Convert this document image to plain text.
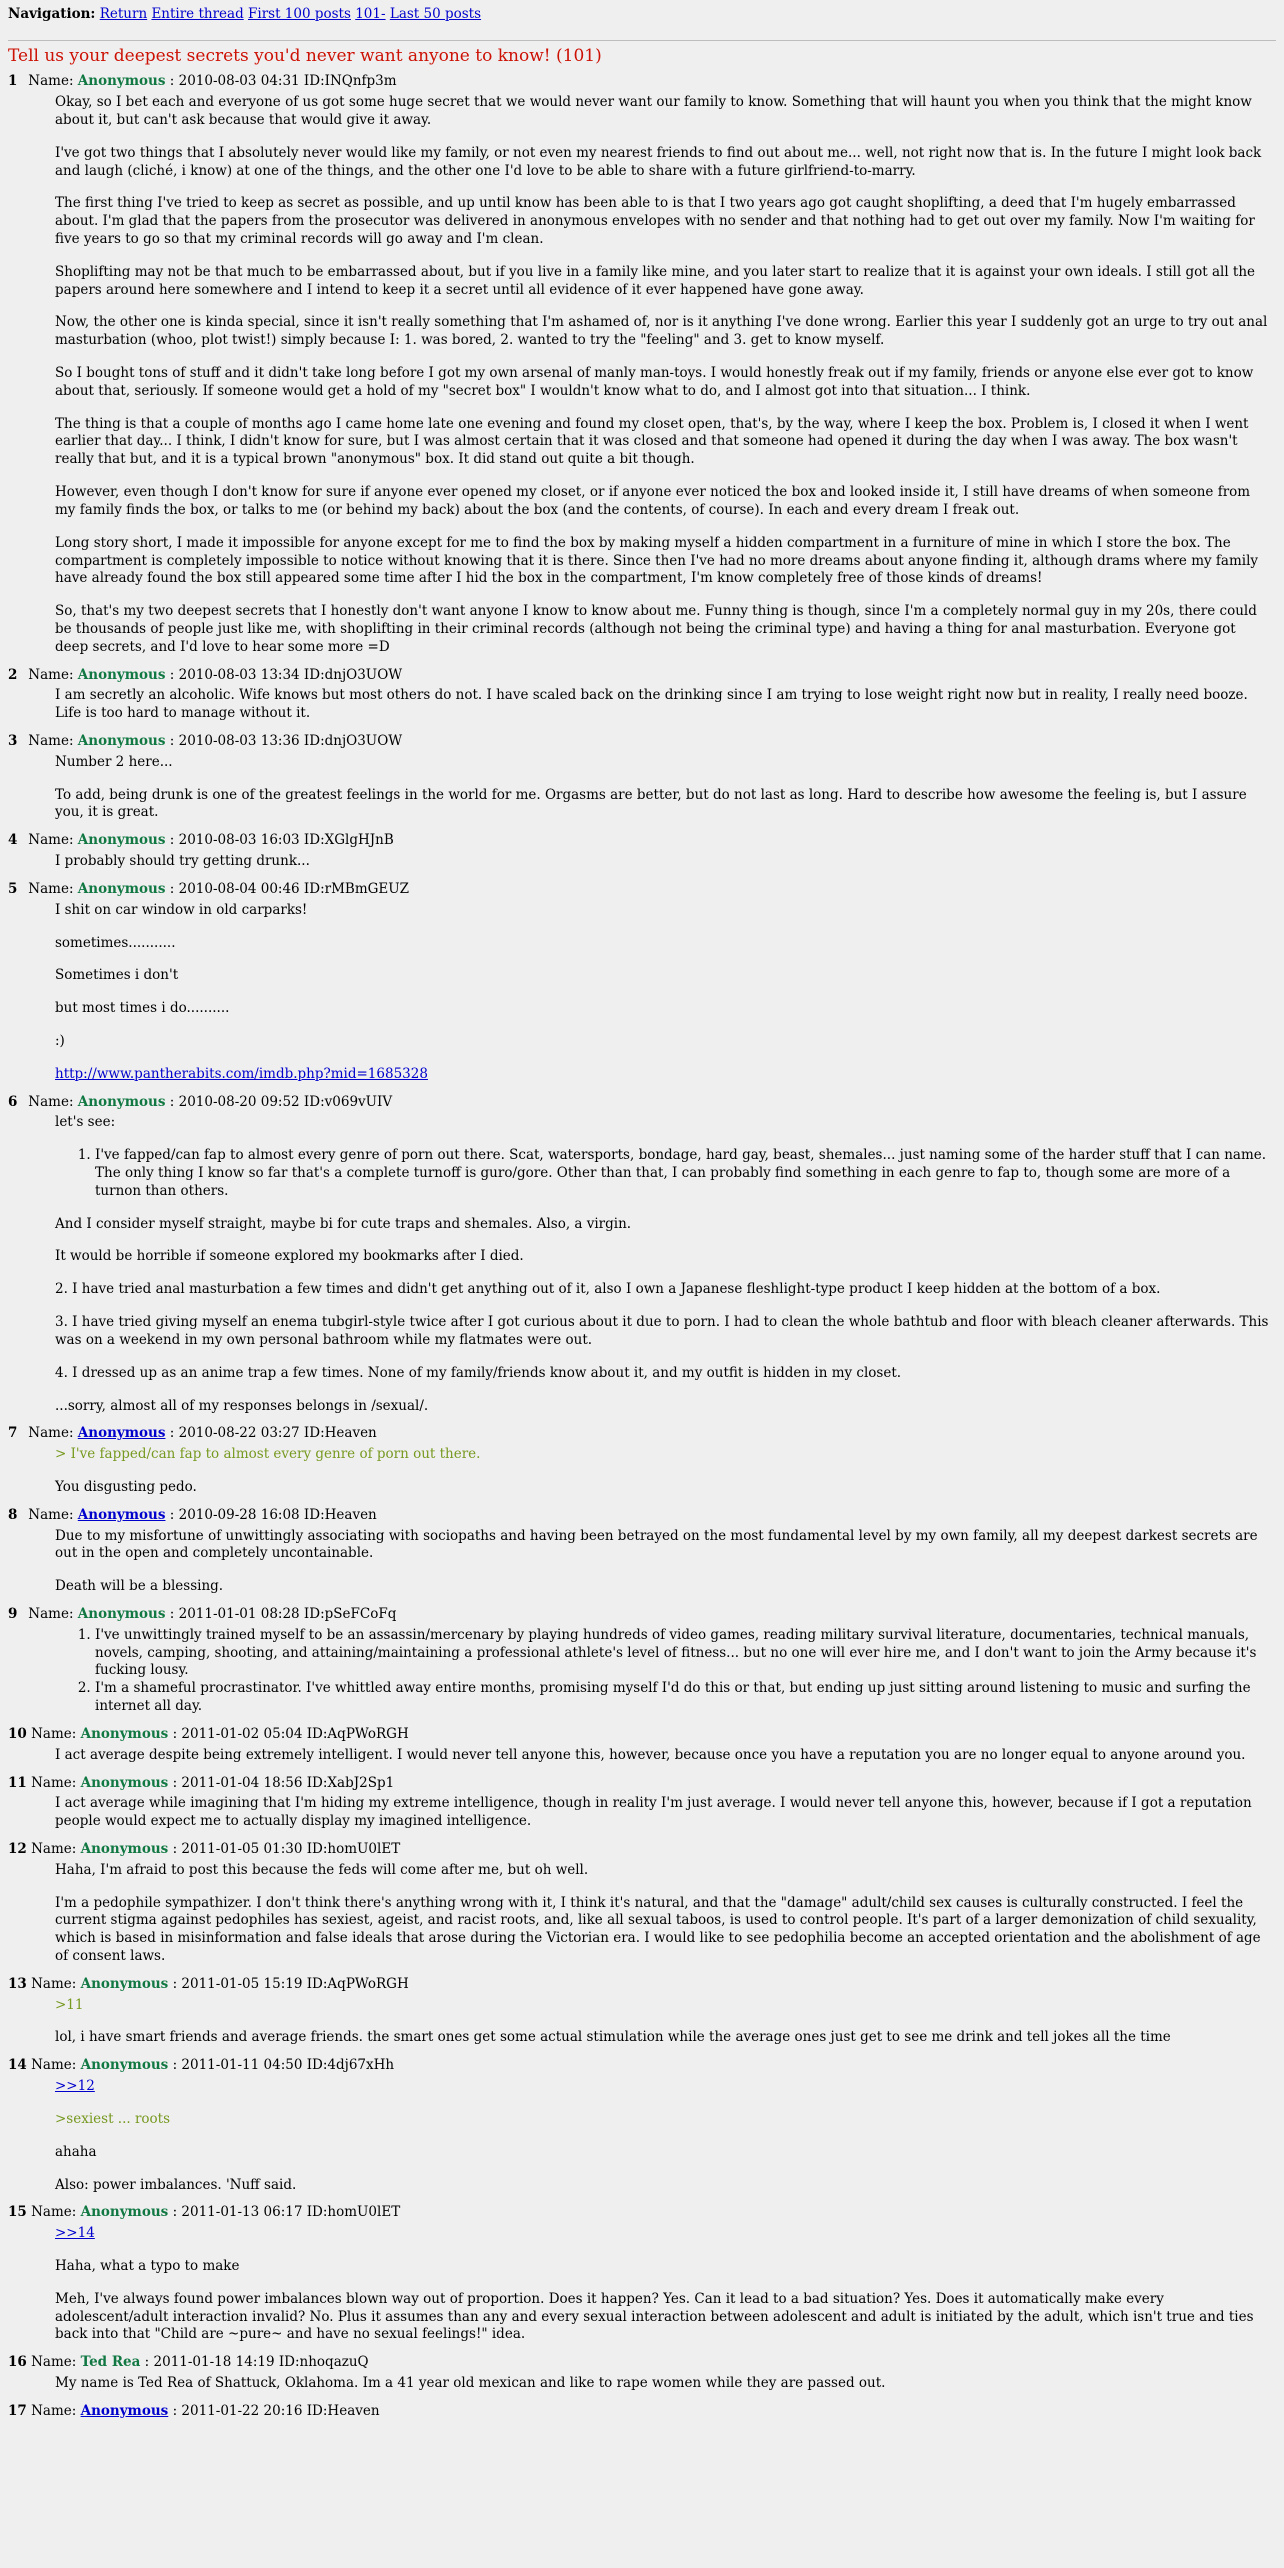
Navigation: Return Entire thread First 100 posts 101- Last 50 posts
Tell us your deepest secrets you'd never want anyone to know! (101)
1 Name: Anonymous : 2010-08-03 04:31 ID:INQnfp3m

Okay, so I bet each and everyone of us got some huge secret that we would never want our family to know. Something that will haunt you when you think that the might know about it, but can't ask because that would give it away.

I've got two things that I absolutely never would like my family, or not even my nearest friends to find out about me... well, not right now that is. In the future I might look back and laugh (cliché, i know) at one of the things, and the other one I'd love to be able to share with a future girlfriend-to-marry.

The first thing I've tried to keep as secret as possible, and up until know has been able to is that I two years ago got caught shoplifting, a deed that I'm hugely embarrassed about. I'm glad that the papers from the prosecutor was delivered in anonymous envelopes with no sender and that nothing had to get out over my family. Now I'm waiting for five years to go so that my criminal records will go away and I'm clean.

Shoplifting may not be that much to be embarrassed about, but if you live in a family like mine, and you later start to realize that it is against your own ideals. I still got all the papers around here somewhere and I intend to keep it a secret until all evidence of it ever happened have gone away.

Now, the other one is kinda special, since it isn't really something that I'm ashamed of, nor is it anything I've done wrong. Earlier this year I suddenly got an urge to try out anal masturbation (whoo, plot twist!) simply because I: 1. was bored, 2. wanted to try the "feeling" and 3. get to know myself.

So I bought tons of stuff and it didn't take long before I got my own arsenal of manly man-toys. I would honestly freak out if my family, friends or anyone else ever got to know about that, seriously. If someone would get a hold of my "secret box" I wouldn't know what to do, and I almost got into that situation... I think.

The thing is that a couple of months ago I came home late one evening and found my closet open, that's, by the way, where I keep the box. Problem is, I closed it when I went earlier that day... I think, I didn't know for sure, but I was almost certain that it was closed and that someone had opened it during the day when I was away. The box wasn't really that but, and it is a typical brown "anonymous" box. It did stand out quite a bit though.

However, even though I don't know for sure if anyone ever opened my closet, or if anyone ever noticed the box and looked inside it, I still have dreams of when someone from my family finds the box, or talks to me (or behind my back) about the box (and the contents, of course). In each and every dream I freak out.

Long story short, I made it impossible for anyone except for me to find the box by making myself a hidden compartment in a furniture of mine in which I store the box. The compartment is completely impossible to notice without knowing that it is there. Since then I've had no more dreams about anyone finding it, although drams where my family have already found the box still appeared some time after I hid the box in the compartment, I'm know completely free of those kinds of dreams!

So, that's my two deepest secrets that I honestly don't want anyone I know to know about me. Funny thing is though, since I'm a completely normal guy in my 20s, there could be thousands of people just like me, with shoplifting in their criminal records (although not being the criminal type) and having a thing for anal masturbation. Everyone got deep secrets, and I'd love to hear some more =D

2 Name: Anonymous : 2010-08-03 13:34 ID:dnjO3UOW

I am secretly an alcoholic. Wife knows but most others do not. I have scaled back on the drinking since I am trying to lose weight right now but in reality, I really need booze. Life is too hard to manage without it.

3 Name: Anonymous : 2010-08-03 13:36 ID:dnjO3UOW

Number 2 here...

To add, being drunk is one of the greatest feelings in the world for me. Orgasms are better, but do not last as long. Hard to describe how awesome the feeling is, but I assure you, it is great.

4 Name: Anonymous : 2010-08-03 16:03 ID:XGlgHJnB

I probably should try getting drunk...

5 Name: Anonymous : 2010-08-04 00:46 ID:rMBmGEUZ

I shit on car window in old carparks!

sometimes...........

Sometimes i don't

but most times i do..........

:)

http://www.pantherabits.com/imdb.php?mid=1685328

6 Name: Anonymous : 2010-08-20 09:52 ID:v069vUIV

let's see:

1. I've fapped/can fap to almost every genre of porn out there. Scat, watersports, bondage, hard gay, beast, shemales... just naming some of the harder stuff that I can name. The only thing I know so far that's a complete turnoff is guro/gore. Other than that, I can probably find something in each genre to fap to, though some are more of a turnon than others.

And I consider myself straight, maybe bi for cute traps and shemales. Also, a virgin.

It would be horrible if someone explored my bookmarks after I died.

2. I have tried anal masturbation a few times and didn't get anything out of it, also I own a Japanese fleshlight-type product I keep hidden at the bottom of a box.

3. I have tried giving myself an enema tubgirl-style twice after I got curious about it due to porn. I had to clean the whole bathtub and floor with bleach cleaner afterwards. This was on a weekend in my own personal bathroom while my flatmates were out.

4. I dressed up as an anime trap a few times. None of my family/friends know about it, and my outfit is hidden in my closet.

...sorry, almost all of my responses belongs in /sexual/.

7 Name: Anonymous : 2010-08-22 03:27 ID:Heaven

> I've fapped/can fap to almost every genre of porn out there.

You disgusting pedo.

8 Name: Anonymous : 2010-09-28 16:08 ID:Heaven

Due to my misfortune of unwittingly associating with sociopaths and having been betrayed on the most fundamental level by my own family, all my deepest darkest secrets are out in the open and completely uncontainable.

Death will be a blessing.

9 Name: Anonymous : 2011-01-01 08:28 ID:pSeFCoFq
1. I've unwittingly trained myself to be an assassin/mercenary by playing hundreds of video games, reading military survival literature, documentaries, technical manuals, novels, camping, shooting, and attaining/maintaining a professional athlete's level of fitness... but no one will ever hire me, and I don't want to join the Army because it's fucking lousy.
2. I'm a shameful procrastinator. I've whittled away entire months, promising myself I'd do this or that, but ending up just sitting around listening to music and surfing the internet all day.
10 Name: Anonymous : 2011-01-02 05:04 ID:AqPWoRGH

I act average despite being extremely intelligent. I would never tell anyone this, however, because once you have a reputation you are no longer equal to anyone around you.

11 Name: Anonymous : 2011-01-04 18:56 ID:XabJ2Sp1

I act average while imagining that I'm hiding my extreme intelligence, though in reality I'm just average. I would never tell anyone this, however, because if I got a reputation people would expect me to actually display my imagined intelligence.

12 Name: Anonymous : 2011-01-05 01:30 ID:homU0lET

Haha, I'm afraid to post this because the feds will come after me, but oh well.

I'm a pedophile sympathizer. I don't think there's anything wrong with it, I think it's natural, and that the "damage" adult/child sex causes is culturally constructed. I feel the current stigma against pedophiles has sexiest, ageist, and racist roots, and, like all sexual taboos, is used to control people. It's part of a larger demonization of child sexuality, which is based in misinformation and false ideals that arose during the Victorian era. I would like to see pedophilia become an accepted orientation and the abolishment of age of consent laws.

13 Name: Anonymous : 2011-01-05 15:19 ID:AqPWoRGH

>11

lol, i have smart friends and average friends. the smart ones get some actual stimulation while the average ones just get to see me drink and tell jokes all the time

14 Name: Anonymous : 2011-01-11 04:50 ID:4dj67xHh

>>12

>sexiest ... roots

ahaha

Also: power imbalances. 'Nuff said.

15 Name: Anonymous : 2011-01-13 06:17 ID:homU0lET

>>14

Haha, what a typo to make

Meh, I've always found power imbalances blown way out of proportion. Does it happen? Yes. Can it lead to a bad situation? Yes. Does it automatically make every adolescent/adult interaction invalid? No. Plus it assumes than any and every sexual interaction between adolescent and adult is initiated by the adult, which isn't true and ties back into that "Child are ~pure~ and have no sexual feelings!" idea.

16 Name: Ted Rea : 2011-01-18 14:19 ID:nhoqazuQ

My name is Ted Rea of Shattuck, Oklahoma. Im a 41 year old mexican and like to rape women while they are passed out.

17 Name: Anonymous : 2011-01-22 20:16 ID:Heaven
